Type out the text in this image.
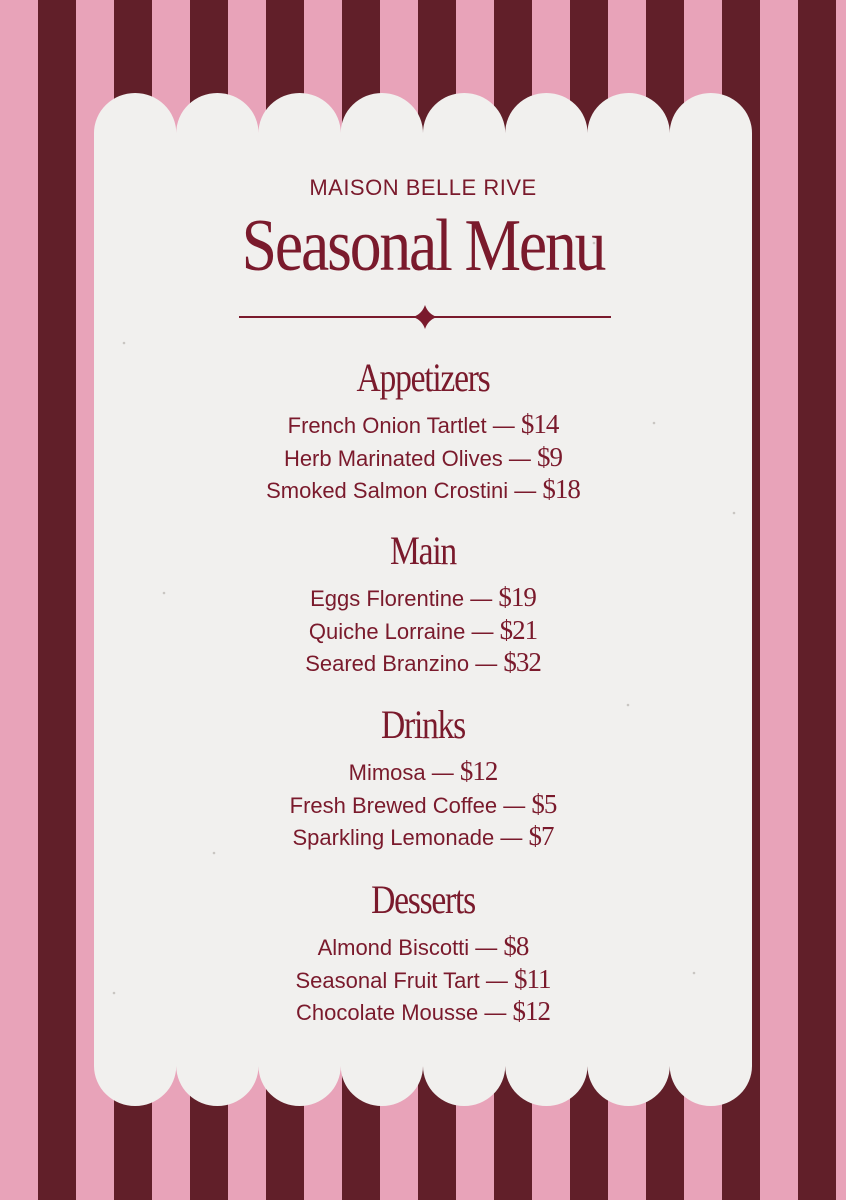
MAISON BELLE RIVE
Seasonal Menu
Appetizers
French Onion Tartlet — $14
Herb Marinated Olives — $9
Smoked Salmon Crostini — $18
Main
Eggs Florentine — $19
Quiche Lorraine — $21
Seared Branzino — $32
Drinks
Mimosa — $12
Fresh Brewed Coffee — $5
Sparkling Lemonade — $7
Desserts
Almond Biscotti — $8
Seasonal Fruit Tart — $11
Chocolate Mousse — $12
